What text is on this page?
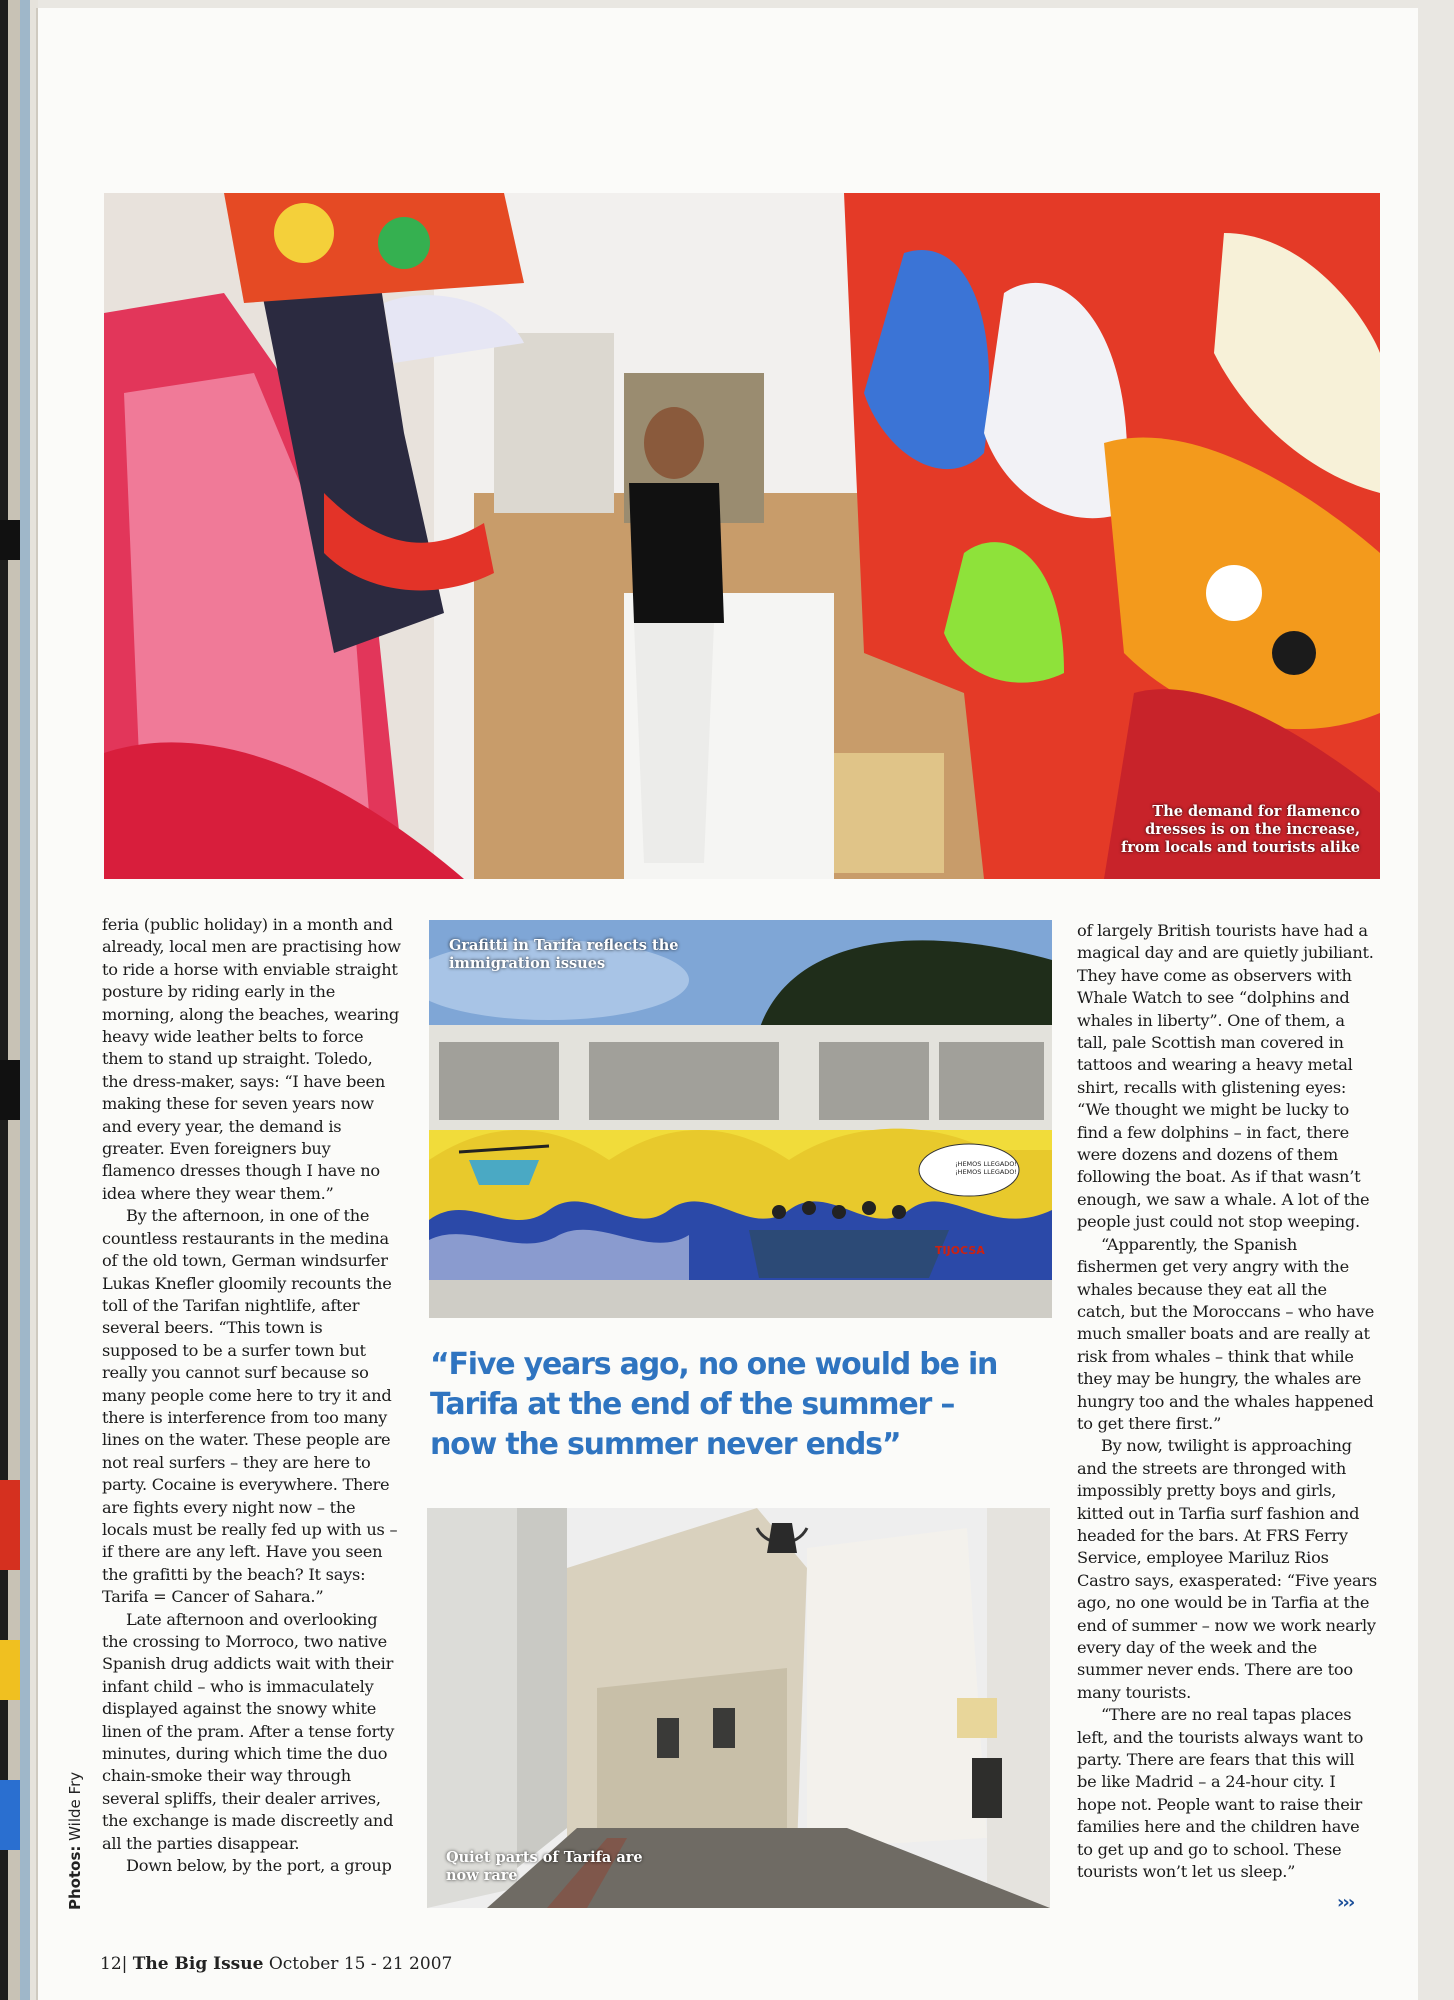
The demand for flamenco dresses is on the increase, from locals and tourists alike
Grafitti in Tarifa reflects the immigration issues
TIJOCSA
¡HEMOS LLEGADO! ¡HEMOS LLEGADO!
“Five years ago, no one would be in Tarifa at the end of the summer – now the summer never ends”
Quiet parts of Tarifa are now rare

feria (public holiday) in a month and already, local men are practising how to ride a horse with enviable straight posture by riding early in the morning, along the beaches, wearing heavy wide leather belts to force them to stand up straight. Toledo, the dress-maker, says: “I have been making these for seven years now and every year, the demand is greater. Even foreigners buy flamenco dresses though I have no idea where they wear them.”

By the afternoon, in one of the countless restaurants in the medina of the old town, German windsurfer Lukas Knefler gloomily recounts the toll of the Tarifan nightlife, after several beers. “This town is supposed to be a surfer town but really you cannot surf because so many people come here to try it and there is interference from too many lines on the water. These people are not real surfers – they are here to party. Cocaine is everywhere. There are fights every night now – the locals must be really fed up with us – if there are any left. Have you seen the grafitti by the beach? It says: Tarifa = Cancer of Sahara.”

Late afternoon and overlooking the crossing to Morroco, two native Spanish drug addicts wait with their infant child – who is immaculately displayed against the snowy white linen of the pram. After a tense forty minutes, during which time the duo chain-smoke their way through several spliffs, their dealer arrives, the exchange is made discreetly and all the parties disappear.

Down below, by the port, a group

of largely British tourists have had a magical day and are quietly jubiliant. They have come as observers with Whale Watch to see “dolphins and whales in liberty”. One of them, a tall, pale Scottish man covered in tattoos and wearing a heavy metal shirt, recalls with glistening eyes: “We thought we might be lucky to find a few dolphins – in fact, there were dozens and dozens of them following the boat. As if that wasn’t enough, we saw a whale. A lot of the people just could not stop weeping.

“Apparently, the Spanish fishermen get very angry with the whales because they eat all the catch, but the Moroccans – who have much smaller boats and are really at risk from whales – think that while they may be hungry, the whales are hungry too and the whales happened to get there first.”

By now, twilight is approaching and the streets are thronged with impossibly pretty boys and girls, kitted out in Tarfia surf fashion and headed for the bars. At FRS Ferry Service, employee Mariluz Rios Castro says, exasperated: “Five years ago, no one would be in Tarfia at the end of summer – now we work nearly every day of the week and the summer never ends. There are too many tourists.

“There are no real tapas places left, and the tourists always want to party. There are fears that this will be like Madrid – a 24-hour city. I hope not. People want to raise their families here and the children have to get up and go to school. These tourists won’t let us sleep.”

›››
Photos: Wilde Fry
12| The Big Issue October 15 - 21 2007
